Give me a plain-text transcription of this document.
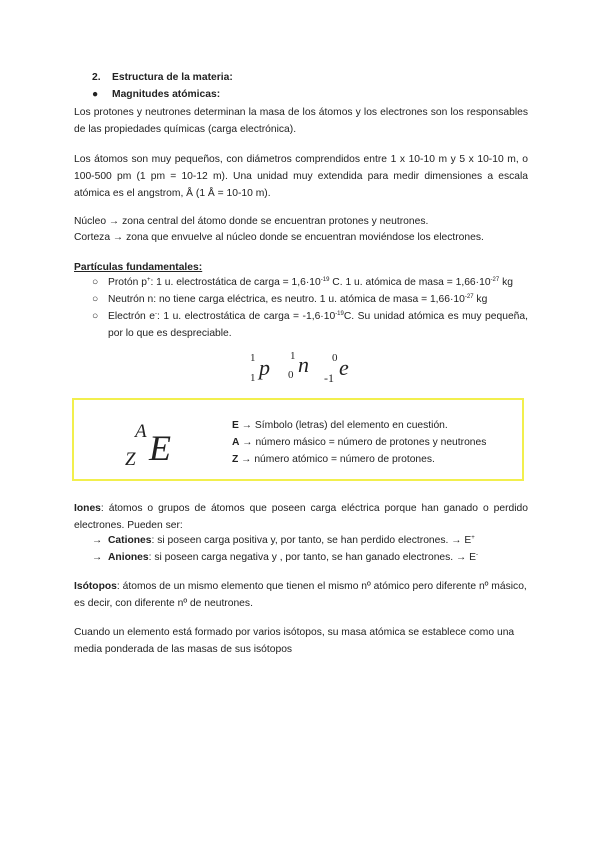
2. Estructura de la materia:
● Magnitudes atómicas:
Los protones y neutrones determinan la masa de los átomos y los electrones son los responsables de las propiedades químicas (carga electrónica).
Los átomos son muy pequeños, con diámetros comprendidos entre 1 x 10-10 m y 5 x 10-10 m, o 100-500 pm (1 pm = 10-12 m). Una unidad muy extendida para medir dimensiones a escala atómica es el angstrom, Å (1 Å = 10-10 m).
Núcleo → zona central del átomo donde se encuentran protones y neutrones.
Corteza → zona que envuelve al núcleo donde se encuentran moviéndose los electrones.
Partículas fundamentales:
○ Protón p+: 1 u. electrostática de carga = $1,6\cdot 10^{-19}$ C. 1 u. atómica de masa = $1,66\cdot 10^{-27}$ kg
○ Neutrón n: no tiene carga eléctrica, es neutro. 1 u. atómica de masa = $1,66\cdot 10^{-27}$ kg
○ Electrón e-: 1 u. electrostática de carga = $-1,6\cdot 10^{-19}C$. Su unidad atómica es muy pequeña, por lo que es despreciable.
1
1 p 1
0 n 0
-1 e
A
Z E
E → Símbolo (letras) del elemento en cuestión.
A → número másico = número de protones y neutrones
Z → número atómico = número de protones.
Iones: átomos o grupos de átomos que poseen carga eléctrica porque han ganado o perdido electrones. Pueden ser:
→ Cationes: si poseen carga positiva y, por tanto, se han perdido electrones. → E+
→ Aniones: si poseen carga negativa y , por tanto, se han ganado electrones. → E-
Isótopos: átomos de un mismo elemento que tienen el mismo nº atómico pero diferente nº másico, es decir, con diferente nº de neutrones.
Cuando un elemento está formado por varios isótopos, su masa atómica se establece como una media ponderada de las masas de sus isótopos
